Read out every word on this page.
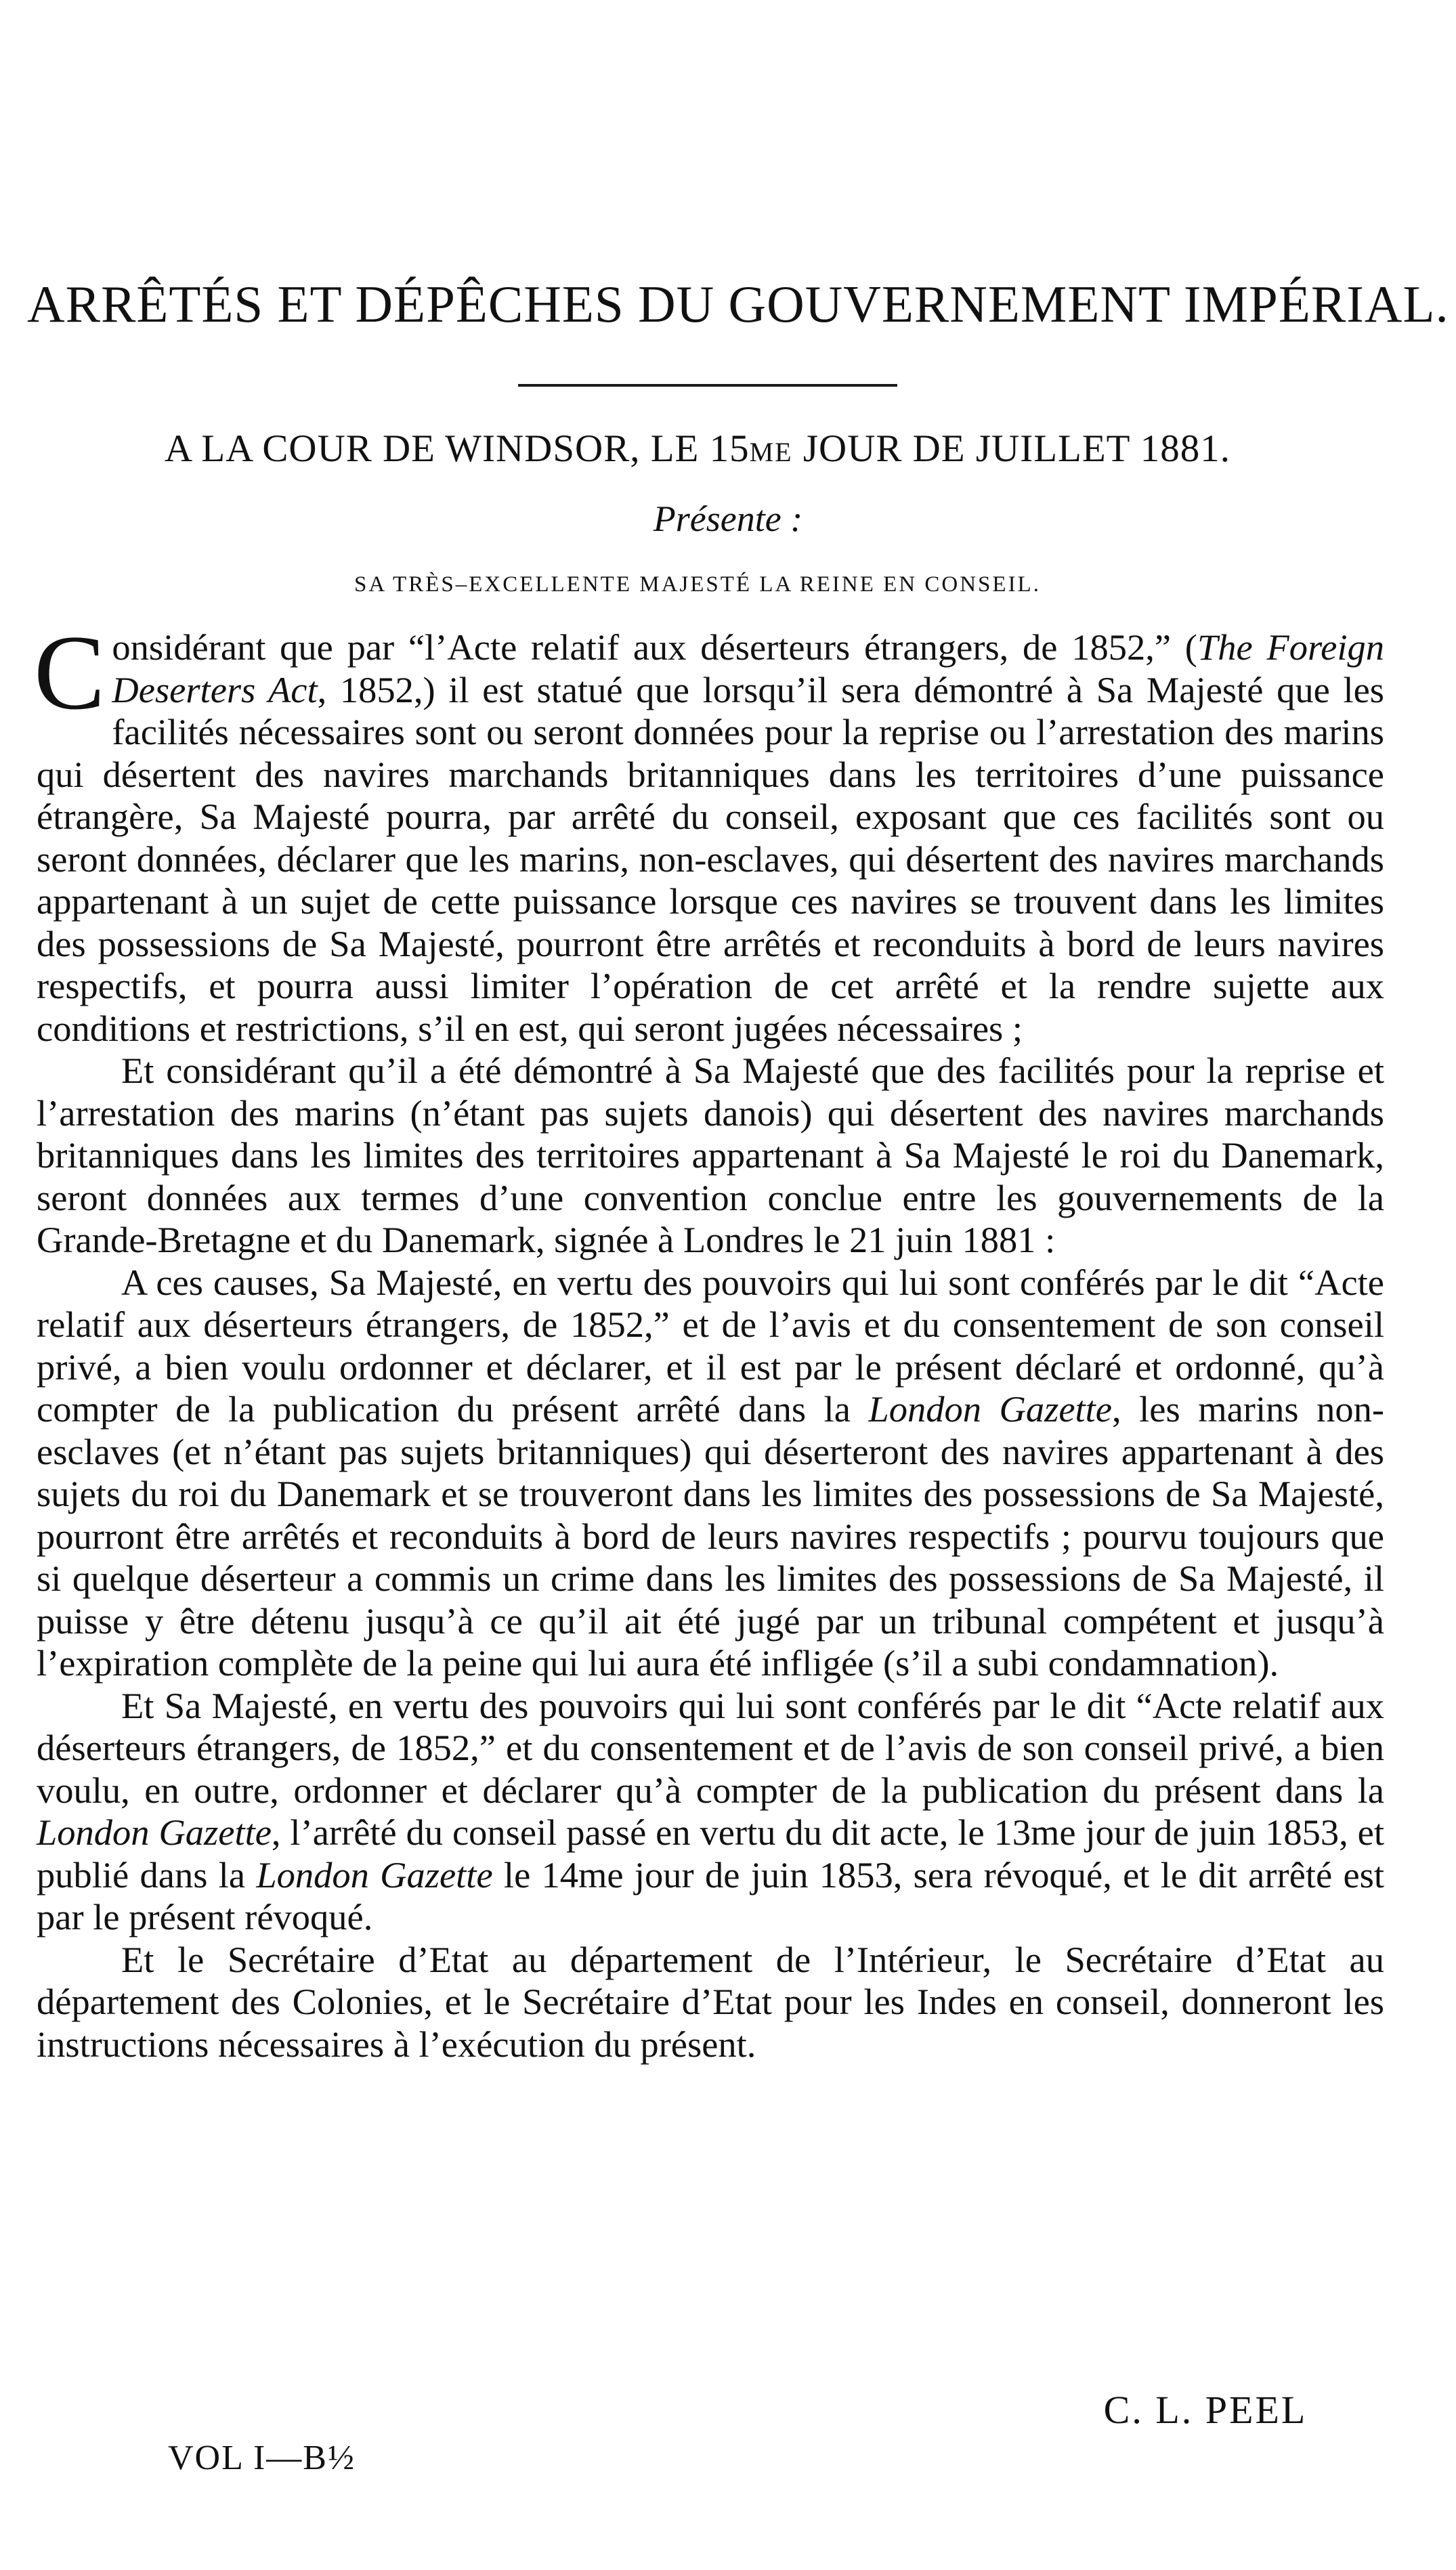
ARRÊTÉS ET DÉPÊCHES DU GOUVERNEMENT IMPÉRIAL.
A LA COUR DE WINDSOR, LE 15ME JOUR DE JUILLET 1881.
Présente :
SA TRÈS–EXCELLENTE MAJESTÉ LA REINE EN CONSEIL.

Considérant que par “l’Acte relatif aux déserteurs étrangers, de 1852,” (The Foreign Deserters Act, 1852,) il est statué que lorsqu’il sera démontré à Sa Majesté que les facilités nécessaires sont ou seront données pour la reprise ou l’arrestation des marins qui désertent des navires marchands britanniques dans les territoires d’une puissance étrangère, Sa Majesté pourra, par arrêté du conseil, exposant que ces facilités sont ou seront données, déclarer que les marins, non-esclaves, qui désertent des navires marchands appartenant à un sujet de cette puissance lorsque ces navires se trouvent dans les limites des possessions de Sa Majesté, pourront être arrêtés et reconduits à bord de leurs navires respectifs, et pourra aussi limiter l’opération de cet arrêté et la rendre sujette aux conditions et restrictions, s’il en est, qui seront jugées nécessaires ;

Et considérant qu’il a été démontré à Sa Majesté que des facilités pour la reprise et l’arrestation des marins (n’étant pas sujets danois) qui désertent des navires marchands britanniques dans les limites des territoires appartenant à Sa Majesté le roi du Danemark, seront données aux termes d’une convention conclue entre les gouvernements de la Grande-Bretagne et du Danemark, signée à Londres le 21 juin 1881 :

A ces causes, Sa Majesté, en vertu des pouvoirs qui lui sont conférés par le dit “Acte relatif aux déserteurs étrangers, de 1852,” et de l’avis et du consentement de son conseil privé, a bien voulu ordonner et déclarer, et il est par le présent déclaré et ordonné, qu’à compter de la publication du présent arrêté dans la London Gazette, les marins non-esclaves (et n’étant pas sujets britanniques) qui déserteront des navires appartenant à des sujets du roi du Danemark et se trouveront dans les limites des possessions de Sa Majesté, pourront être arrêtés et reconduits à bord de leurs navires respectifs ; pourvu toujours que si quelque déserteur a commis un crime dans les limites des possessions de Sa Majesté, il puisse y être détenu jusqu’à ce qu’il ait été jugé par un tribunal compétent et jusqu’à l’expiration complète de la peine qui lui aura été infligée (s’il a subi condamnation).

Et Sa Majesté, en vertu des pouvoirs qui lui sont conférés par le dit “Acte relatif aux déserteurs étrangers, de 1852,” et du consentement et de l’avis de son conseil privé, a bien voulu, en outre, ordonner et déclarer qu’à compter de la publication du présent dans la London Gazette, l’arrêté du conseil passé en vertu du dit acte, le 13me jour de juin 1853, et publié dans la London Gazette le 14me jour de juin 1853, sera révoqué, et le dit arrêté est par le présent révoqué.

Et le Secrétaire d’Etat au département de l’Intérieur, le Secrétaire d’Etat au département des Colonies, et le Secrétaire d’Etat pour les Indes en conseil, donneront les instructions nécessaires à l’exécution du présent.

C. L. PEEL
VOL I—B½
